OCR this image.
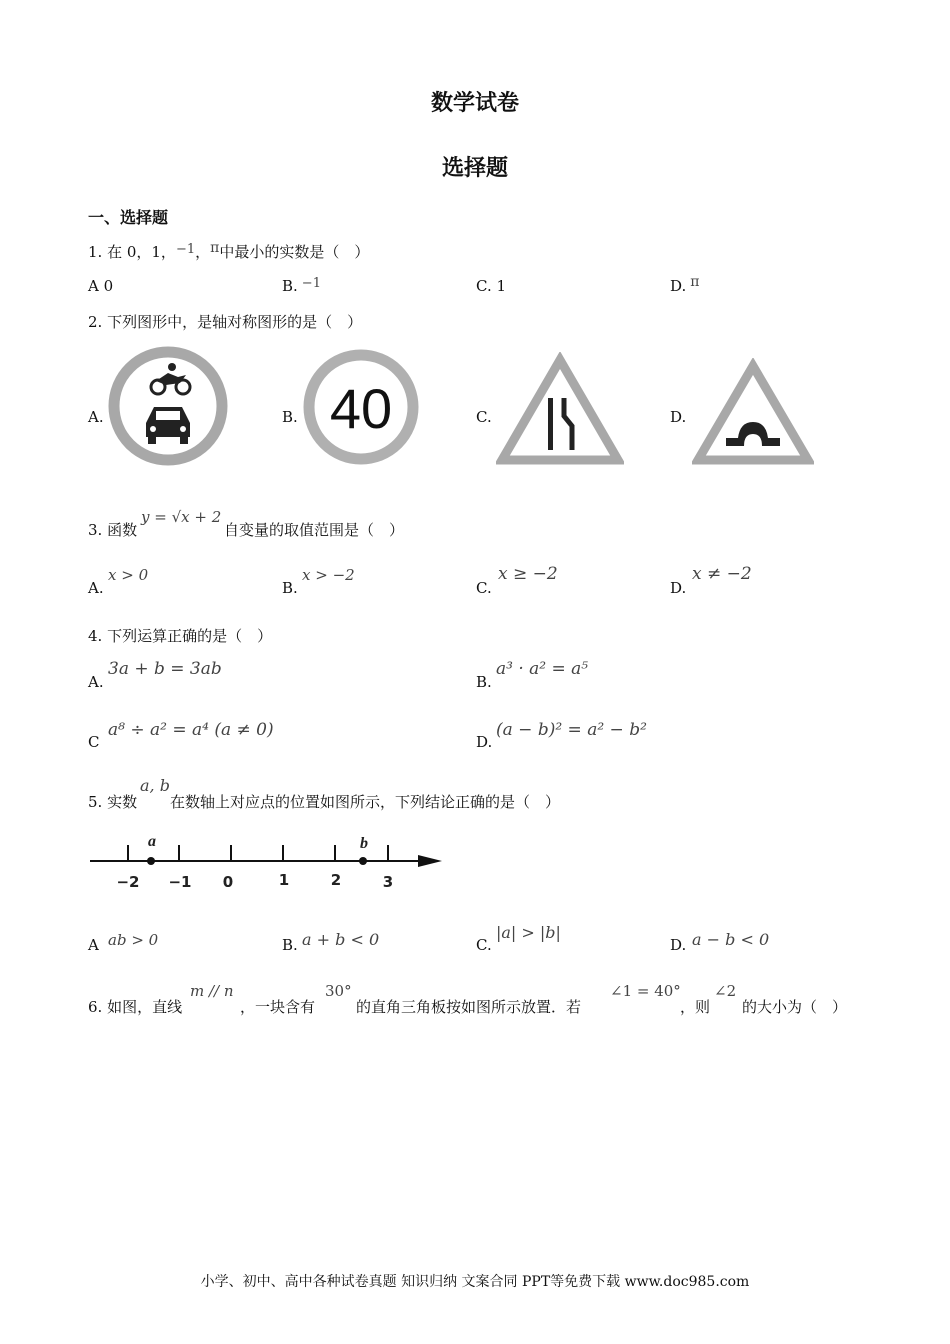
数学试卷
选择题
一、选择题
1. 在 0，1，−1，π中最小的实数是（　）
A 0	B. −1	C. 1	D. π
2. 下列图形中，是轴对称图形的是（　）
A.	B. 40	C.	D.
3. 函数
y = √x + 2
自变量的取值范围是（　）
A.
x > 0
B.
x > −2
C.
x ≥ −2
D.
x ≠ −2
4. 下列运算正确的是（　）
A.
3a + b = 3ab
B.
a³ · a² = a⁵
C
a⁸ ÷ a² = a⁴ (a ≠ 0)
D.
(a − b)² = a² − b²
5. 实数
a, b
在数轴上对应点的位置如图所示，下列结论正确的是（　）
a	b
−2 −1 0	1	2	3
A ab > 0	B. a + b < 0	C.
|a| > |b|
D. a − b < 0
6. 如图，直线
m // n
，一块含有
30°
的直角三角板按如图所示放置．若
∠1 = 40°
，则
∠2
的大小为（　）
小学、初中、高中各种试卷真题 知识归纳 文案合同 PPT等免费下载 www.doc985.com
